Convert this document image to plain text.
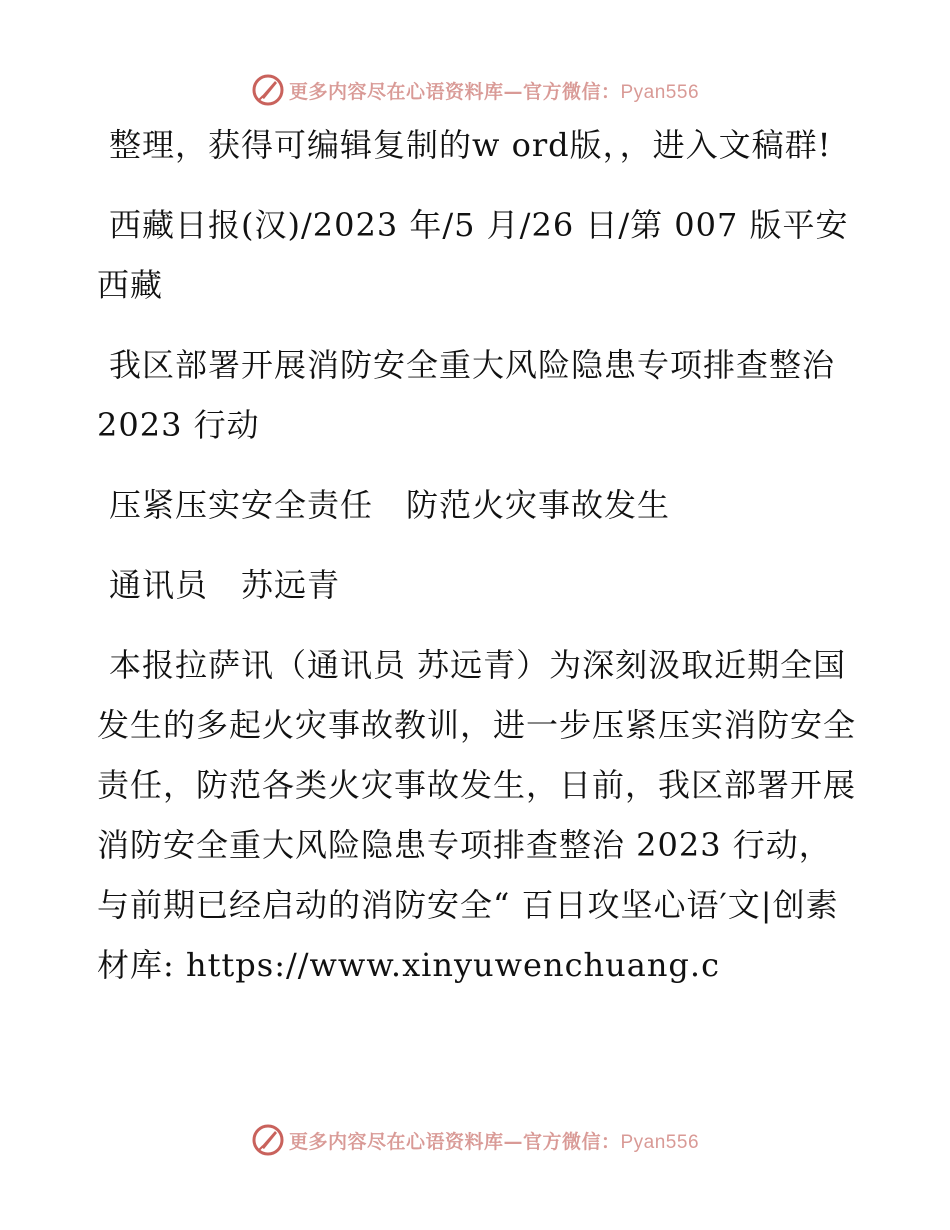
更多内容尽在心语资料库—官方微信：Pyan556

整理，获得可编辑复制的w ord版，，进入文稿群!

西藏日报(汉)/2023 年/5 月/26 日/第 007 版平安西藏

我区部署开展消防安全重大风险隐患专项排查整治 2023 行动

压紧压实安全责任　防范火灾事故发生

通讯员　苏远青

本报拉萨讯（通讯员 苏远青）为深刻汲取近期全国发生的多起火灾事故教训，进一步压紧压实消防安全责任，防范各类火灾事故发生，日前，我区部署开展消防安全重大风险隐患专项排查整治 2023 行动，与前期已经启动的消防安全“ 百日攻坚心语′文|创素材库: https://www.xinyuwenchuang.c

更多内容尽在心语资料库—官方微信：Pyan556
